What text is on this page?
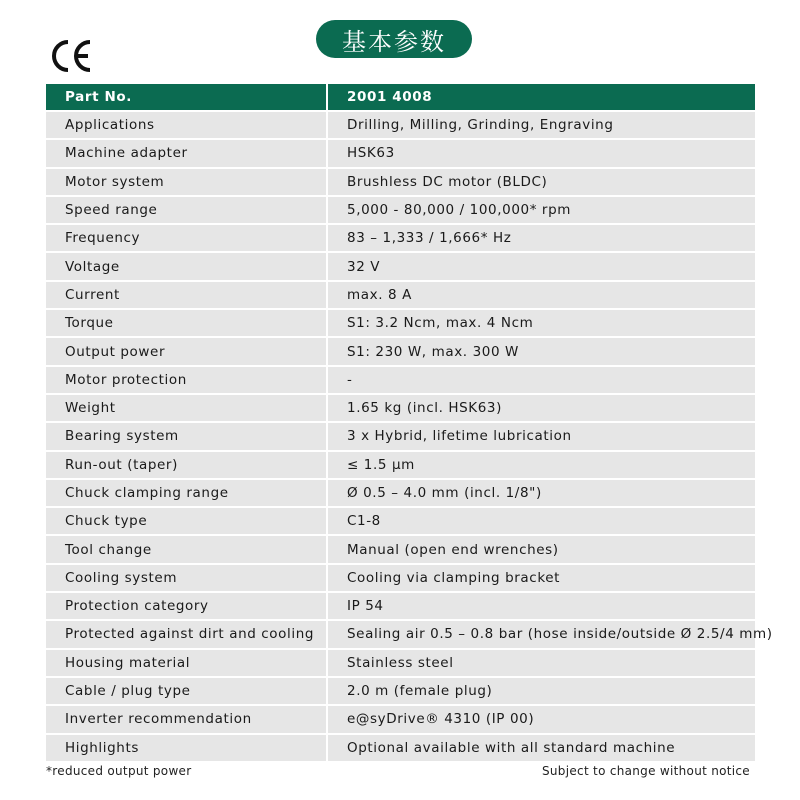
基本参数
Part No.	2001 4008
Applications	Drilling, Milling, Grinding, Engraving
Machine adapter	HSK63
Motor system	Brushless DC motor (BLDC)
Speed range	5,000 - 80,000 / 100,000* rpm
Frequency	83 – 1,333 / 1,666* Hz
Voltage	32 V
Current	max. 8 A
Torque	S1: 3.2 Ncm, max. 4 Ncm
Output power	S1: 230 W, max. 300 W
Motor protection	-
Weight	1.65 kg (incl. HSK63)
Bearing system	3 x Hybrid, lifetime lubrication
Run-out (taper)	≤ 1.5 µm
Chuck clamping range	Ø 0.5 – 4.0 mm (incl. 1/8")
Chuck type	C1-8
Tool change	Manual (open end wrenches)
Cooling system	Cooling via clamping bracket
Protection category	IP 54
Protected against dirt and cooling	Sealing air 0.5 – 0.8 bar (hose inside/outside Ø 2.5/4 mm)
Housing material	Stainless steel
Cable / plug type	2.0 m (female plug)
Inverter recommendation	e@syDrive® 4310 (IP 00)
Highlights	Optional available with all standard machine
*reduced output power	Subject to change without notice
